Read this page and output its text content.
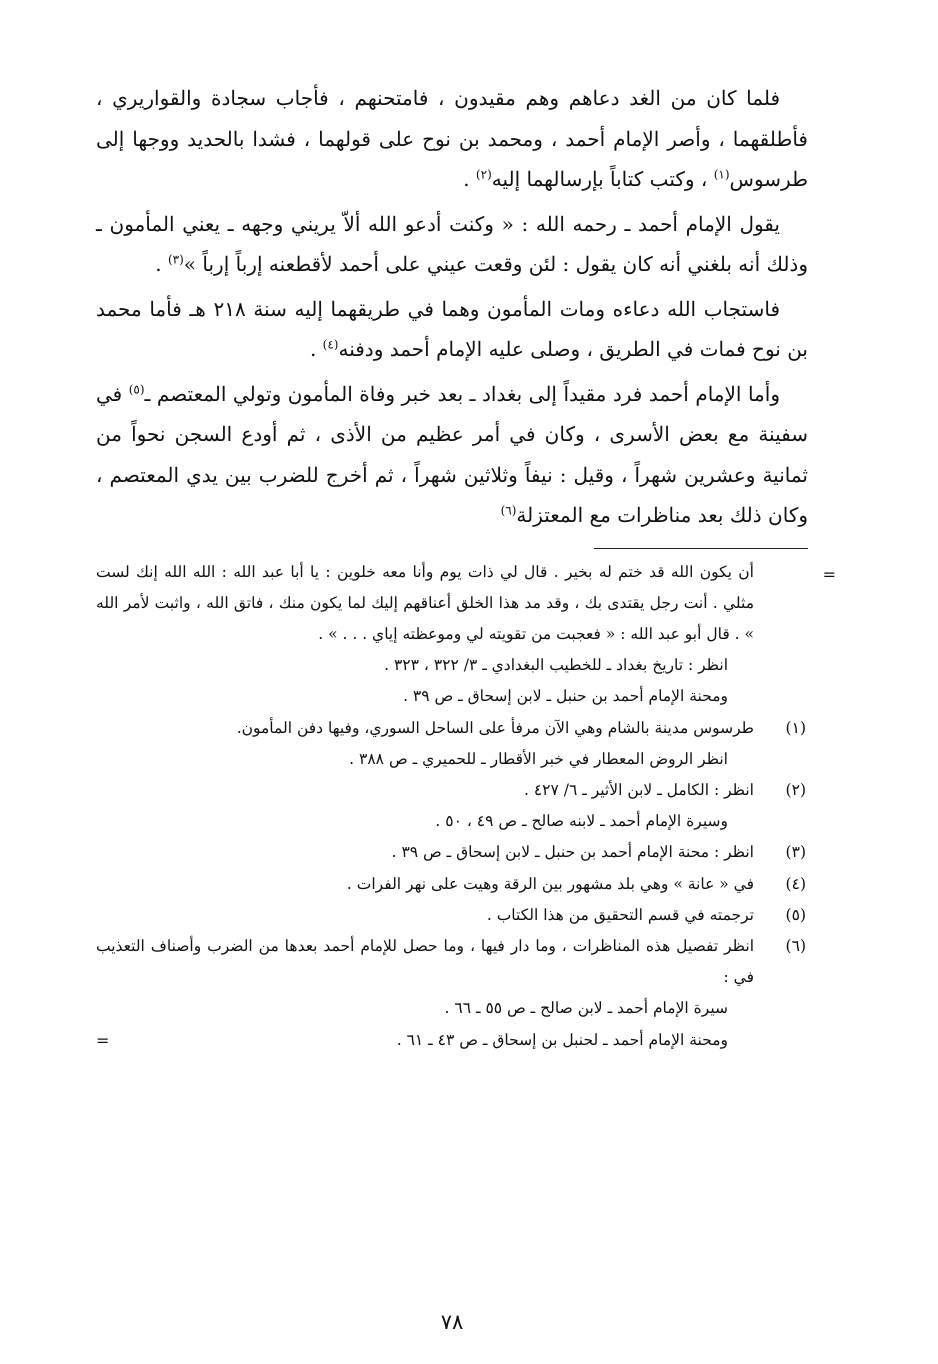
فلما كان من الغد دعاهم وهم مقيدون ، فامتحنهم ، فأجاب سجادة والقواريري ، فأطلقهما ، وأصر الإمام أحمد ، ومحمد بن نوح على قولهما ، فشدا بالحديد ووجها إلى طرسوس$^{(١)}$ ، وكتب كتاباً بإرسالهما إليه$^{(٢)}$ .

يقول الإمام أحمد ـ رحمه الله : « وكنت أدعو الله ألاّ يريني وجهه ـ يعني المأمون ـ وذلك أنه بلغني أنه كان يقول : لئن وقعت عيني على أحمد لأقطعنه إرباً إرباً »$^{(٣)}$ .

فاستجاب الله دعاءه ومات المأمون وهما في طريقهما إليه سنة ٢١٨ هـ فأما محمد بن نوح فمات في الطريق ، وصلى عليه الإمام أحمد ودفنه$^{(٤)}$ .

وأما الإمام أحمد فرد مقيداً إلى بغداد ـ بعد خبر وفاة المأمون وتولي المعتصم ـ$^{(٥)}$ في سفينة مع بعض الأسرى ، وكان في أمر عظيم من الأذى ، ثم أودع السجن نحواً من ثمانية وعشرين شهراً ، وقيل : نيفاً وثلاثين شهراً ، ثم أخرج للضرب بين يدي المعتصم ، وكان ذلك بعد مناظرات مع المعتزلة$^{(٦)}$

=
أن يكون الله قد ختم له بخير . قال لي ذات يوم وأنا معه خلوين : يا أبا عبد الله : الله الله إنك لست مثلي . أنت رجل يقتدى بك ، وقد مد هذا الخلق أعناقهم إليك لما يكون منك ، فاتق الله ، واثبت لأمر الله » . قال أبو عبد الله : « فعجبت من تقويته لي وموعظته إياي . . . » .
انظر : تاريخ بغداد ـ للخطيب البغدادي ـ ٣/ ٣٢٢ ، ٣٢٣ .
ومحنة الإمام أحمد بن حنبل ـ لابن إسحاق ـ ص ٣٩ .
(١)
طرسوس مدينة بالشام وهي الآن مرفأ على الساحل السوري، وفيها دفن المأمون.
انظر الروض المعطار في خبر الأقطار ـ للحميري ـ ص ٣٨٨ .
(٢)
انظر : الكامل ـ لابن الأثير ـ ٦/ ٤٢٧ .
وسيرة الإمام أحمد ـ لابنه صالح ـ ص ٤٩ ، ٥٠ .
(٣)
انظر : محنة الإمام أحمد بن حنبل ـ لابن إسحاق ـ ص ٣٩ .
(٤)
في « عانة » وهي بلد مشهور بين الرقة وهيت على نهر الفرات .
(٥)
ترجمته في قسم التحقيق من هذا الكتاب .
(٦)
انظر تفصيل هذه المناظرات ، وما دار فيها ، وما حصل للإمام أحمد بعدها من الضرب وأصناف التعذيب في :
سيرة الإمام أحمد ـ لابن صالح ـ ص ٥٥ ـ ٦٦ .
ومحنة الإمام أحمد ـ لحنبل بن إسحاق ـ ص ٤٣ ـ ٦١ .
=
٧٨
